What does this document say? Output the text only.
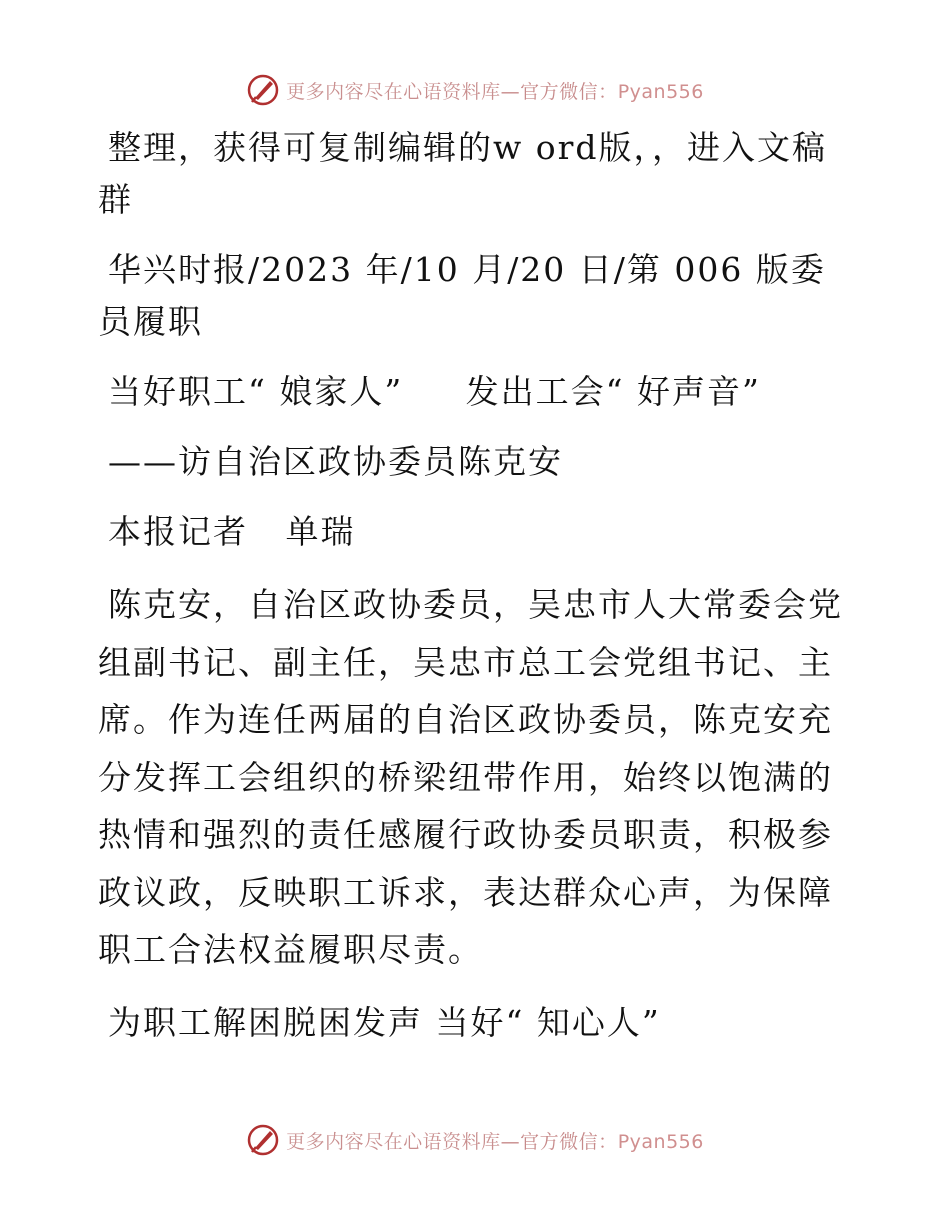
更多内容尽在心语资料库—官方微信：Pyan556

整理，获得可复制编辑的w ord版，，进入文稿群

华兴时报/2023 年/10 月/20 日/第 006 版委员履职

当好职工“ 娘家人”     发出工会“ 好声音”

——访自治区政协委员陈克安

本报记者   单瑞

陈克安，自治区政协委员，吴忠市人大常委会党组副书记、副主任，吴忠市总工会党组书记、主席。作为连任两届的自治区政协委员，陈克安充分发挥工会组织的桥梁纽带作用，始终以饱满的热情和强烈的责任感履行政协委员职责，积极参政议政，反映职工诉求，表达群众心声，为保障职工合法权益履职尽责。

为职工解困脱困发声 当好“ 知心人”

更多内容尽在心语资料库—官方微信：Pyan556
